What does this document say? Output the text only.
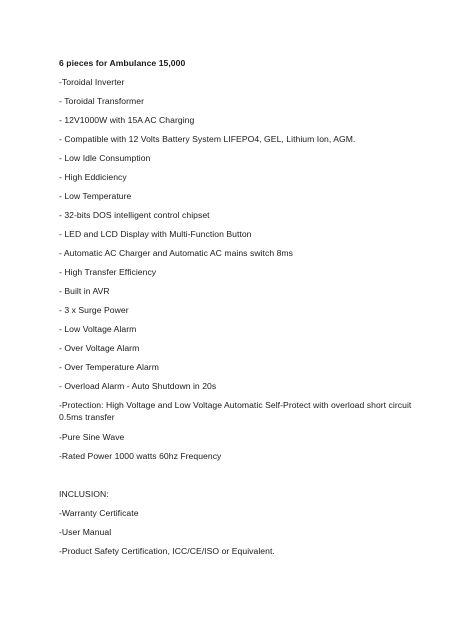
6 pieces for Ambulance 15,000
-Toroidal Inverter
- Toroidal Transformer
- 12V1000W with 15A AC Charging
- Compatible with 12 Volts Battery System LIFEPO4, GEL, Lithium Ion, AGM.
- Low Idle Consumption
- High Eddiciency
- Low Temperature
- 32-bits DOS intelligent control chipset
- LED and LCD Display with Multi-Function Button
- Automatic AC Charger and Automatic AC mains switch 8ms
- High Transfer Efficiency
- Built in AVR
- 3 x Surge Power
- Low Voltage Alarm
- Over Voltage Alarm
- Over Temperature Alarm
- Overload Alarm - Auto Shutdown in 20s
-Protection: High Voltage and Low Voltage Automatic Self-Protect with overload short circuit 0.5ms transfer
-Pure Sine Wave
-Rated Power 1000 watts 60hz Frequency
INCLUSION:
-Warranty Certificate
-User Manual
-Product Safety Certification, ICC/CE/ISO or Equivalent.
